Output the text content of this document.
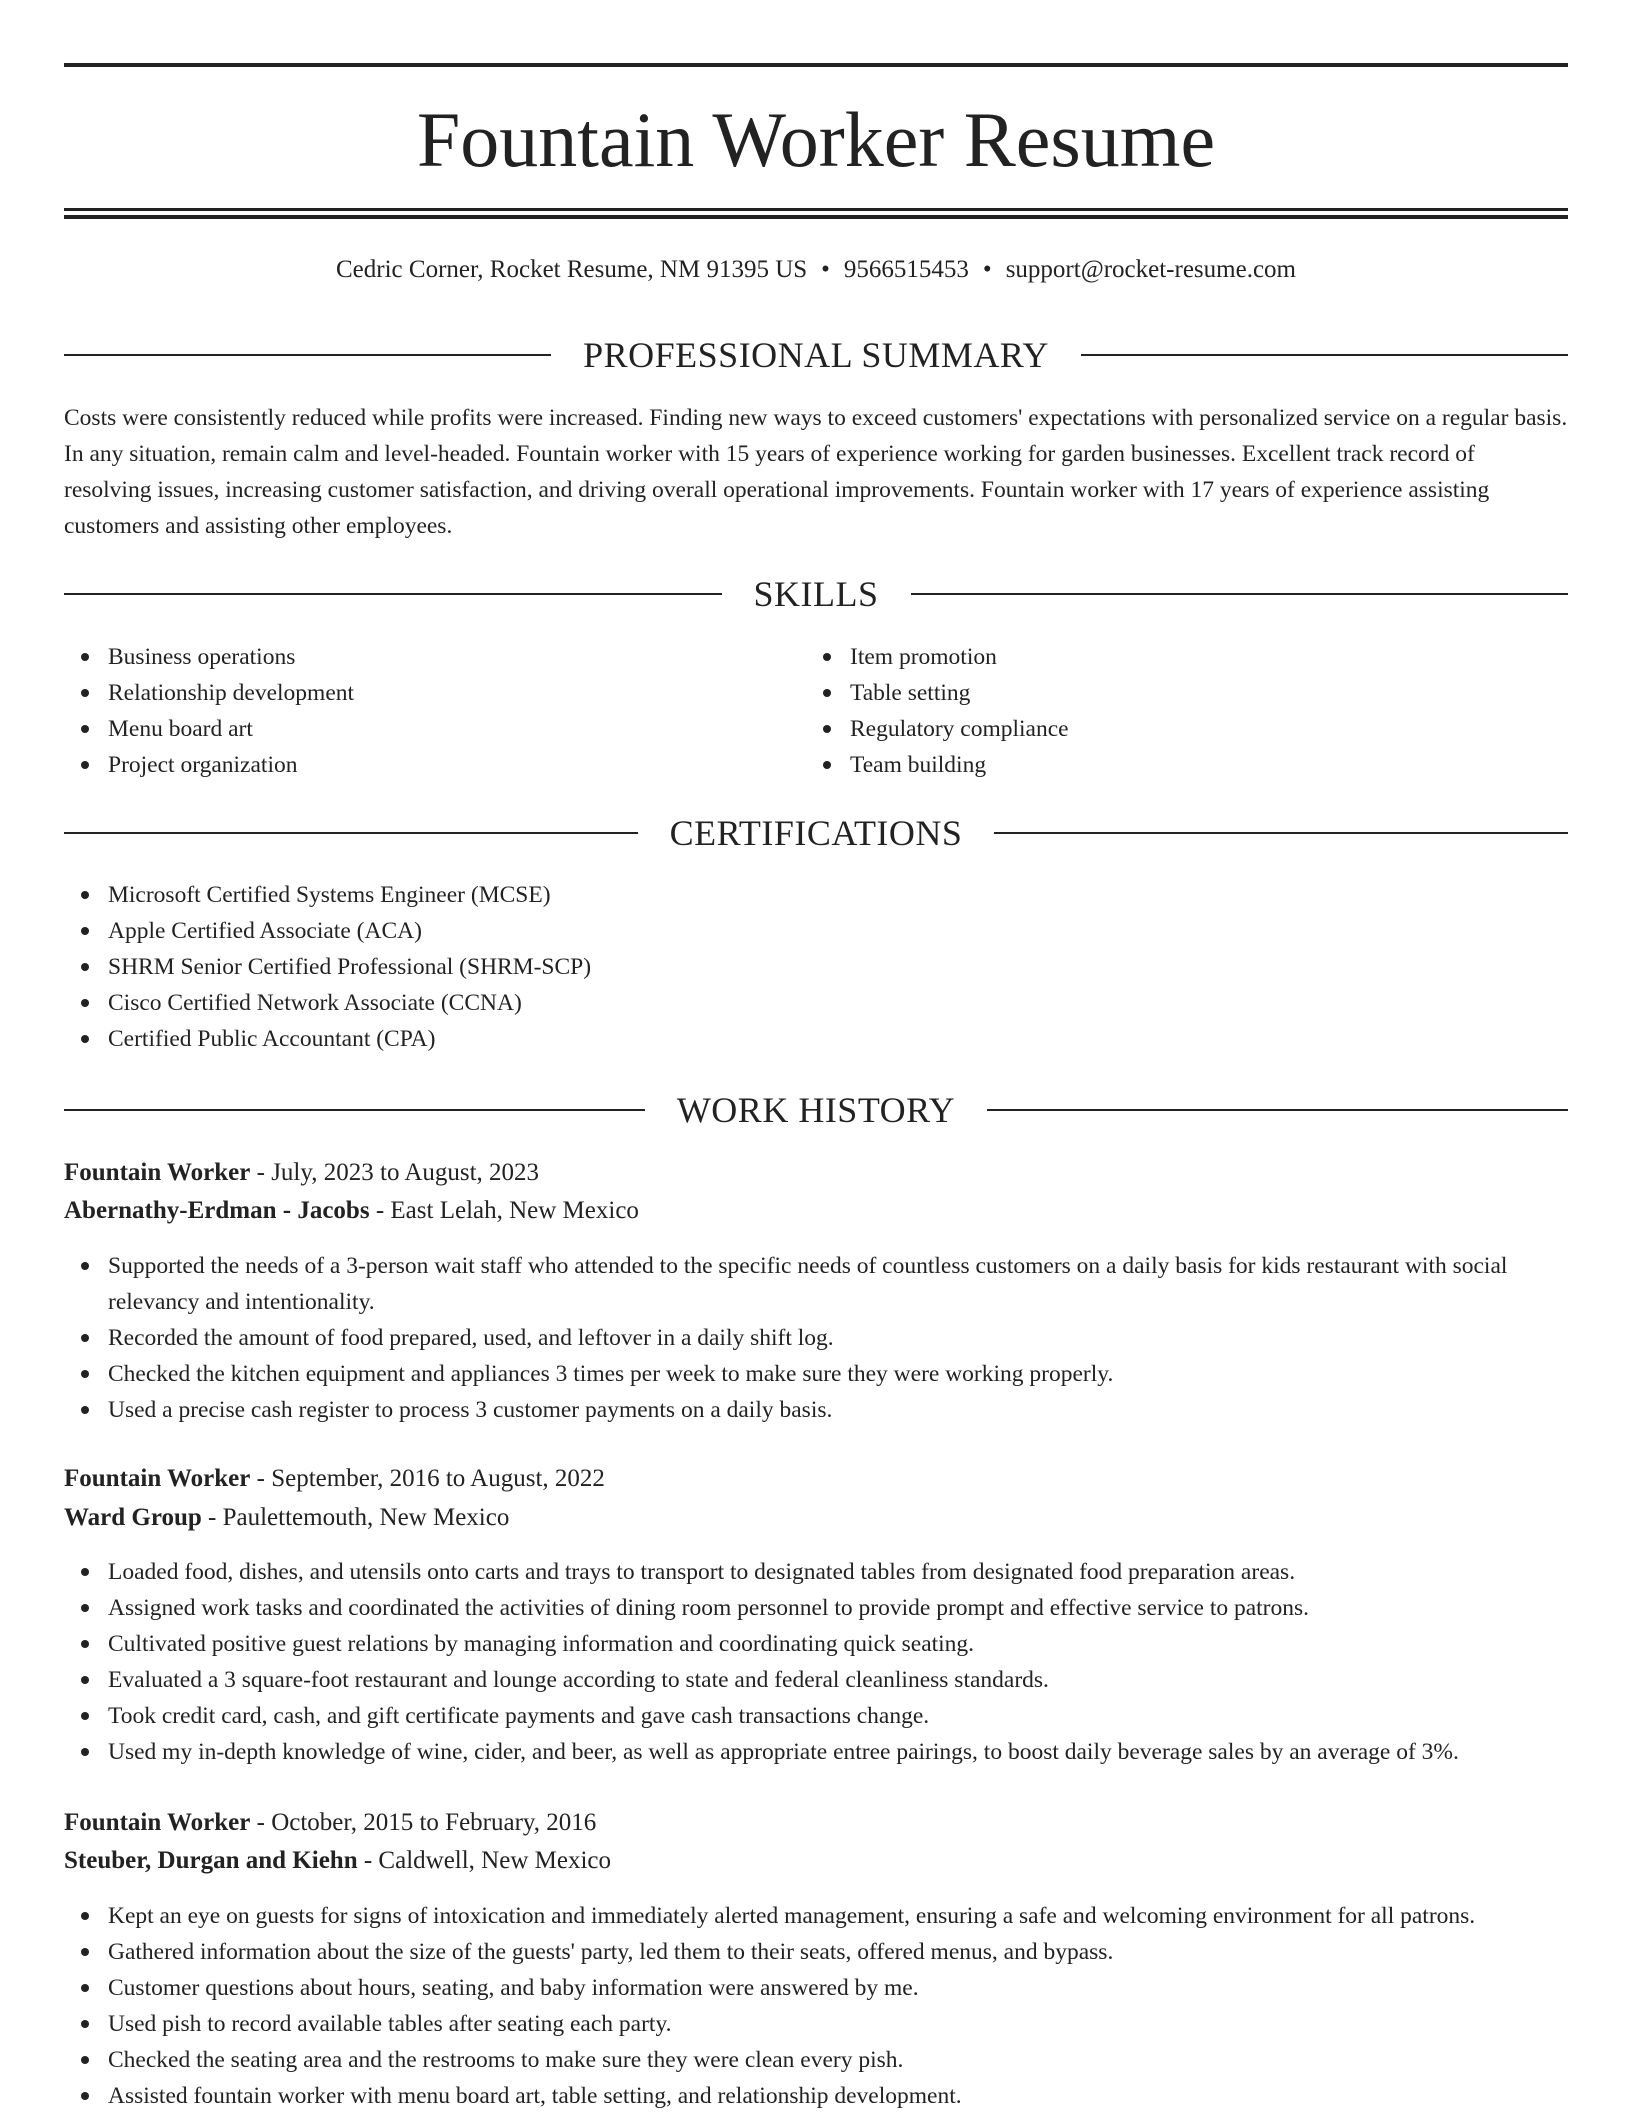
Fountain Worker Resume
Cedric Corner, Rocket Resume, NM 91395 US • 9566515453 • support@rocket-resume.com
PROFESSIONAL SUMMARY

Costs were consistently reduced while profits were increased. Finding new ways to exceed customers' expectations with personalized service on a regular basis. In any situation, remain calm and level-headed. Fountain worker with 15 years of experience working for garden businesses. Excellent track record of resolving issues, increasing customer satisfaction, and driving overall operational improvements. Fountain worker with 17 years of experience assisting customers and assisting other employees.

SKILLS
Business operations
Relationship development
Menu board art
Project organization
Item promotion
Table setting
Regulatory compliance
Team building
CERTIFICATIONS
Microsoft Certified Systems Engineer (MCSE)
Apple Certified Associate (ACA)
SHRM Senior Certified Professional (SHRM-SCP)
Cisco Certified Network Associate (CCNA)
Certified Public Accountant (CPA)
WORK HISTORY
Fountain Worker - July, 2023 to August, 2023
Abernathy-Erdman - Jacobs - East Lelah, New Mexico
Supported the needs of a 3-person wait staff who attended to the specific needs of countless customers on a daily basis for kids restaurant with social relevancy and intentionality.
Recorded the amount of food prepared, used, and leftover in a daily shift log.
Checked the kitchen equipment and appliances 3 times per week to make sure they were working properly.
Used a precise cash register to process 3 customer payments on a daily basis.
Fountain Worker - September, 2016 to August, 2022
Ward Group - Paulettemouth, New Mexico
Loaded food, dishes, and utensils onto carts and trays to transport to designated tables from designated food preparation areas.
Assigned work tasks and coordinated the activities of dining room personnel to provide prompt and effective service to patrons.
Cultivated positive guest relations by managing information and coordinating quick seating.
Evaluated a 3 square-foot restaurant and lounge according to state and federal cleanliness standards.
Took credit card, cash, and gift certificate payments and gave cash transactions change.
Used my in-depth knowledge of wine, cider, and beer, as well as appropriate entree pairings, to boost daily beverage sales by an average of 3%.
Fountain Worker - October, 2015 to February, 2016
Steuber, Durgan and Kiehn - Caldwell, New Mexico
Kept an eye on guests for signs of intoxication and immediately alerted management, ensuring a safe and welcoming environment for all patrons.
Gathered information about the size of the guests' party, led them to their seats, offered menus, and bypass.
Customer questions about hours, seating, and baby information were answered by me.
Used pish to record available tables after seating each party.
Checked the seating area and the restrooms to make sure they were clean every pish.
Assisted fountain worker with menu board art, table setting, and relationship development.
